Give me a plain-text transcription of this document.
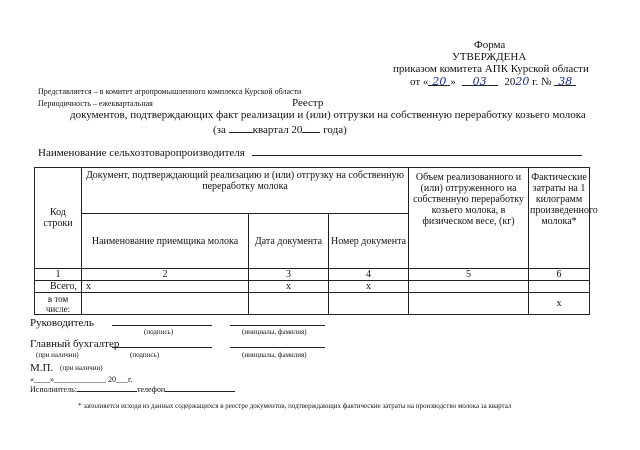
Форма
УТВЕРЖДЕНА
приказом комитета АПК Курской области
от « 20 » 03 2020 г. № 38
Представляется – в комитет агропромышленного комплекса Курской области
Периодичность – ежеквартальная	Реестр
документов, подтверждающих факт реализации и (или) отгрузки на собственную переработку козьего молока
(за квартал 20 года)
Наименование сельхозтоваропроизводителя
Код строки	Документ, подтверждающий реализацию и (или) отгрузку на собственную переработку молока			Объем реализованного и (или) отгруженного на собственную переработку козьего молока, в физическом весе, (кг)	Фактические затраты на 1 килограмм произведенного молока*
	Наименование приемщика молока	Дата документа	Номер документа		
1	2	3	4	5	6
Всего,	х	х	х		
в том числе:					х
Руководитель
(подпись)	(инициалы, фамилия)
Главный бухгалтер
(при наличии)	(подпись)	(инициалы, фамилия)
М.П. (при наличии)
«____»_____________ 20___г.
Исполнитель:	телефон
* заполняется исходя из данных содержащихся в реестре документов, подтверждающих фактические затраты на производство молока за квартал
